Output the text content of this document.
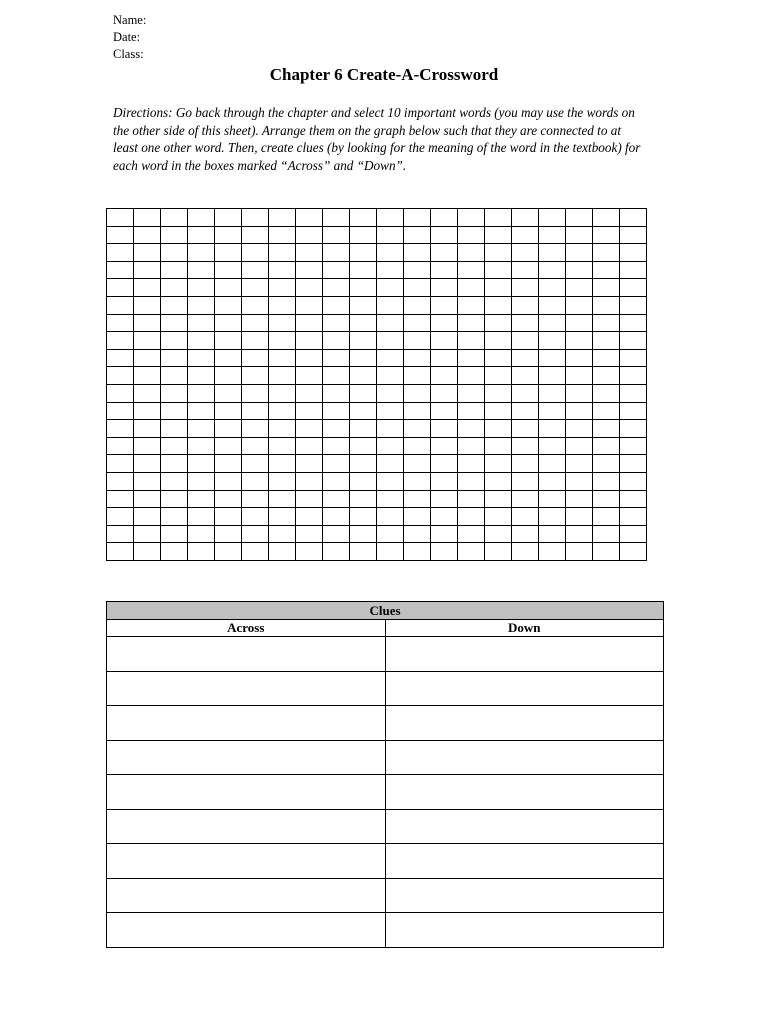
Name:
Date:
Class:
Chapter 6 Create-A-Crossword
Directions: Go back through the chapter and select 10 important words (you may use the words on the other side of this sheet). Arrange them on the graph below such that they are connected to at least one other word. Then, create clues (by looking for the meaning of the word in the textbook) for each word in the boxes marked “Across” and “Down”.

Clues	
Across	Down
